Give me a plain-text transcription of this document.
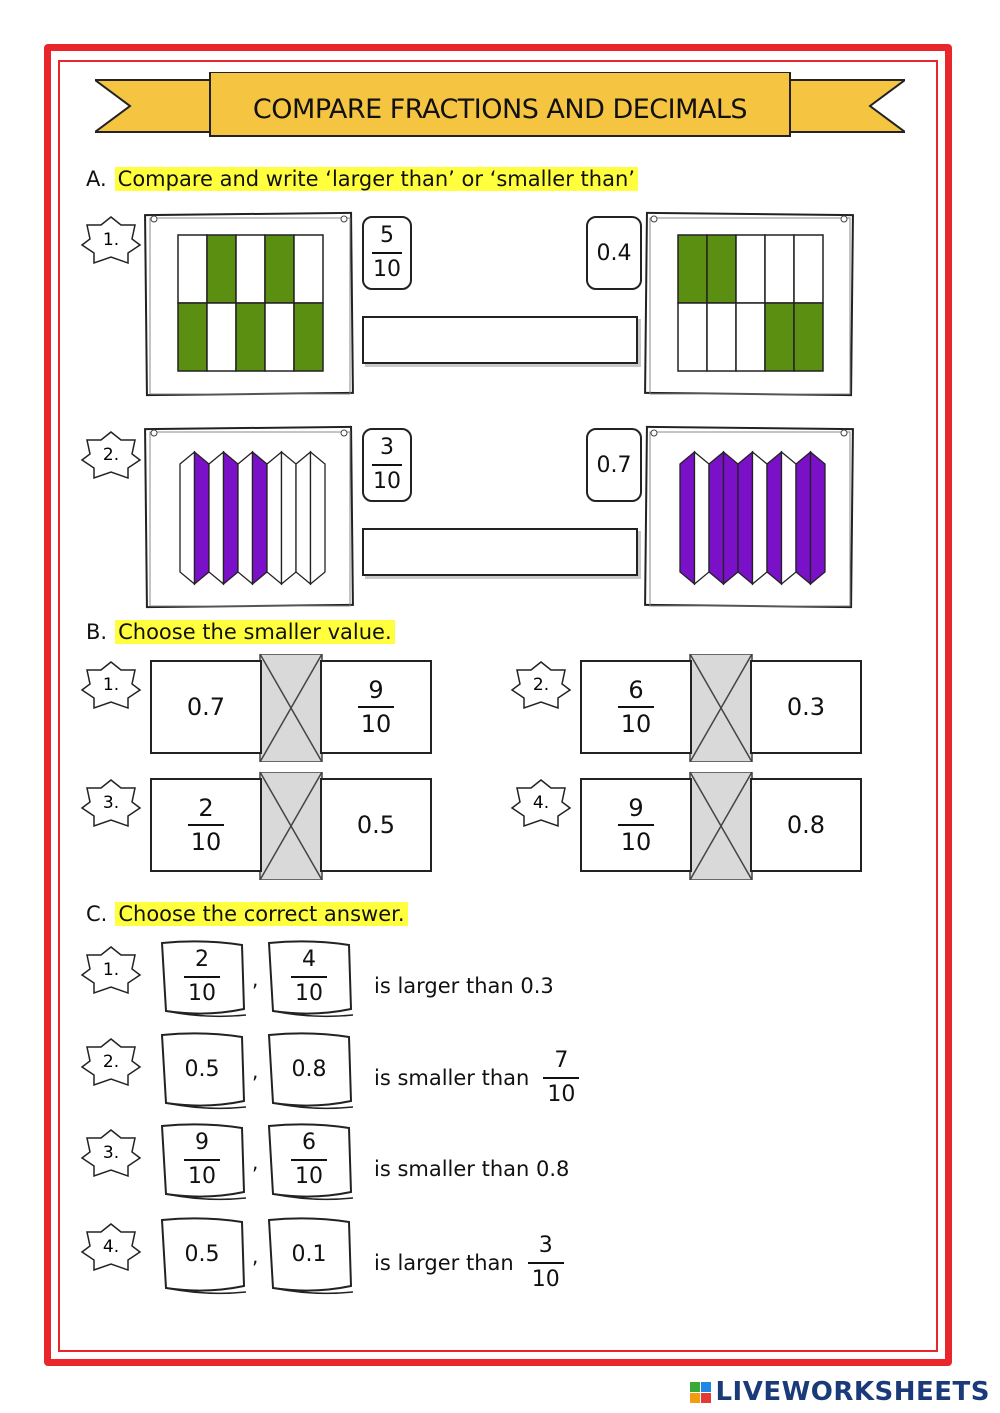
COMPARE FRACTIONS AND DECIMALS
A. Compare and write ‘larger than’ or ‘smaller than’
1.	5
10
0.4
2.	3
10
0.7
B. Choose the smaller value.
C. Choose the correct answer.
LIVEWORKSHEETS
1.
0.7
9
10
2.	6
10
0.3
3.	2
10
0.5
4.	9
10
0.8
1.	2
10
,
4
10 is larger than 0.3
2.	0.5	,	0.8	is smaller than $\frac{7}{10}$
3.	9
10
,
6
10 is smaller than 0.8
4.	0.5	,	0.1	is larger than $\frac{3}{10}$
